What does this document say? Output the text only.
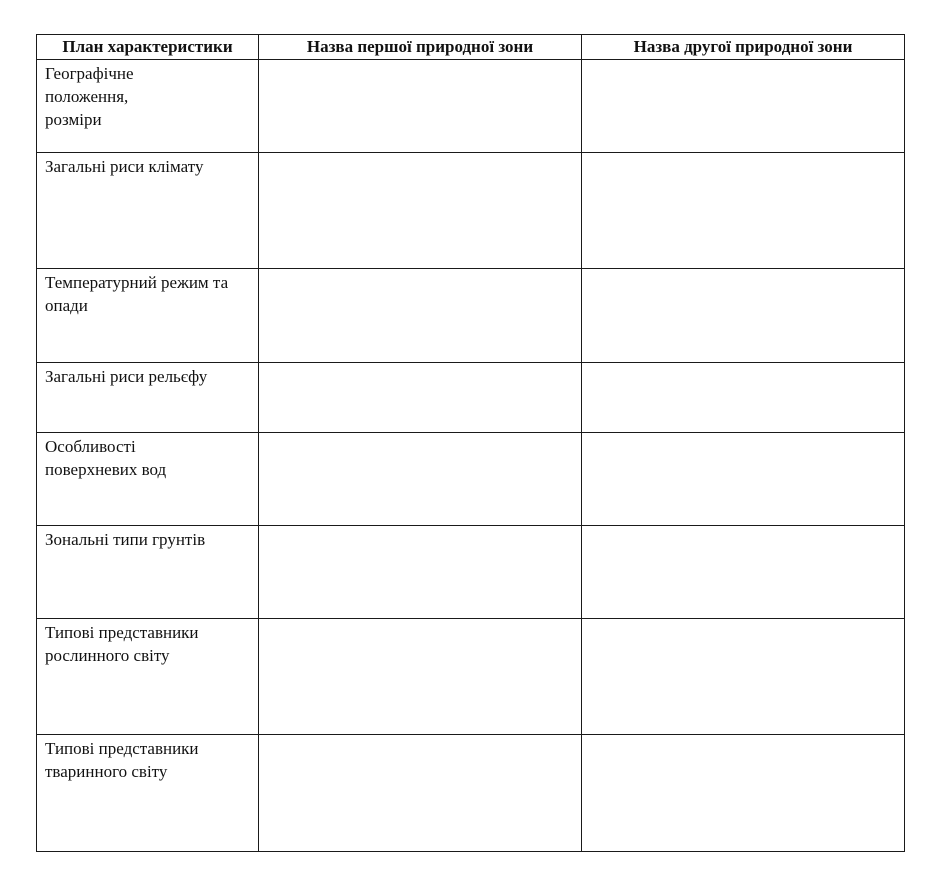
План характеристики	Назва першої природної зони	Назва другої природної зони

Географічне положення, розміри		

Загальні риси клімату		
Температурний режим та опади		
Загальні риси рельєфу		

Особливості поверхневих вод		

Зональні типи грунтів		
Типові представники рослинного світу		
Типові представники тваринного світу		
